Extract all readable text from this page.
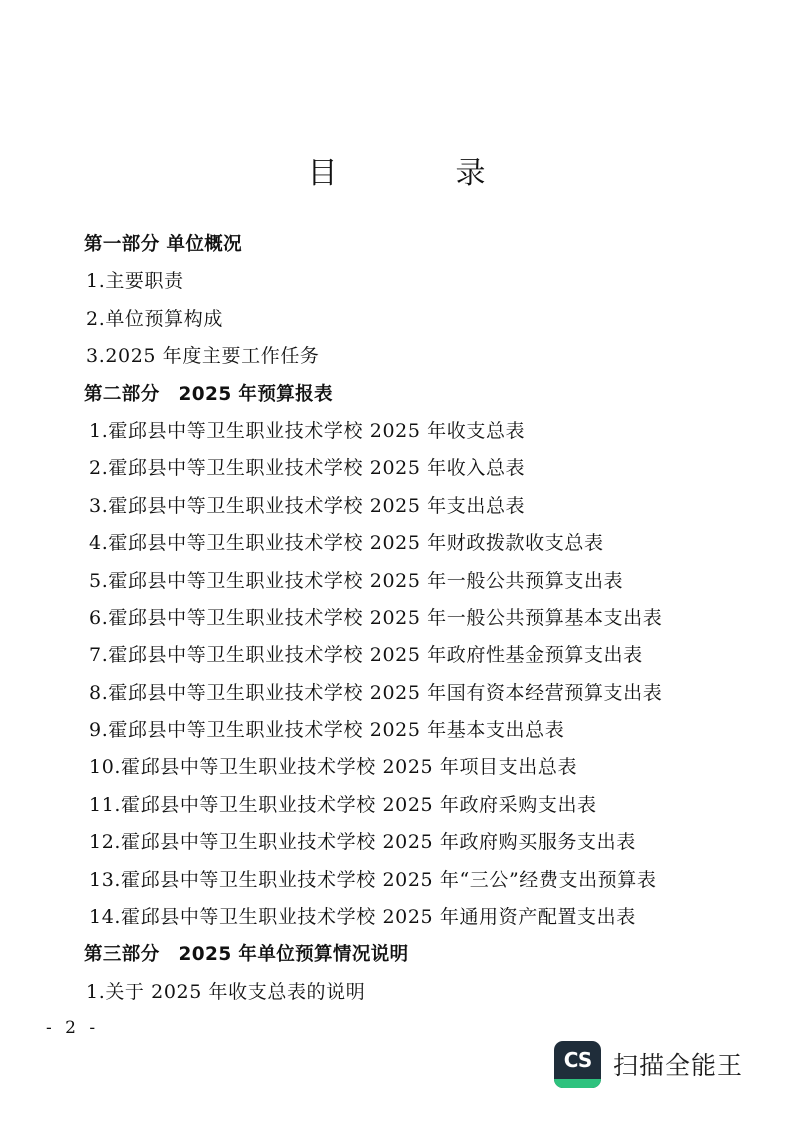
目　录
第一部分 单位概况
1.主要职责
2.单位预算构成
3.2025 年度主要工作任务
第二部分　2025 年预算报表
1.霍邱县中等卫生职业技术学校 2025 年收支总表
2.霍邱县中等卫生职业技术学校 2025 年收入总表
3.霍邱县中等卫生职业技术学校 2025 年支出总表
4.霍邱县中等卫生职业技术学校 2025 年财政拨款收支总表
5.霍邱县中等卫生职业技术学校 2025 年一般公共预算支出表
6.霍邱县中等卫生职业技术学校 2025 年一般公共预算基本支出表
7.霍邱县中等卫生职业技术学校 2025 年政府性基金预算支出表
8.霍邱县中等卫生职业技术学校 2025 年国有资本经营预算支出表
9.霍邱县中等卫生职业技术学校 2025 年基本支出总表
10.霍邱县中等卫生职业技术学校 2025 年项目支出总表
11.霍邱县中等卫生职业技术学校 2025 年政府采购支出表
12.霍邱县中等卫生职业技术学校 2025 年政府购买服务支出表
13.霍邱县中等卫生职业技术学校 2025 年“三公”经费支出预算表
14.霍邱县中等卫生职业技术学校 2025 年通用资产配置支出表
第三部分　2025 年单位预算情况说明
1.关于 2025 年收支总表的说明
- 2 -
CS 扫描全能王
